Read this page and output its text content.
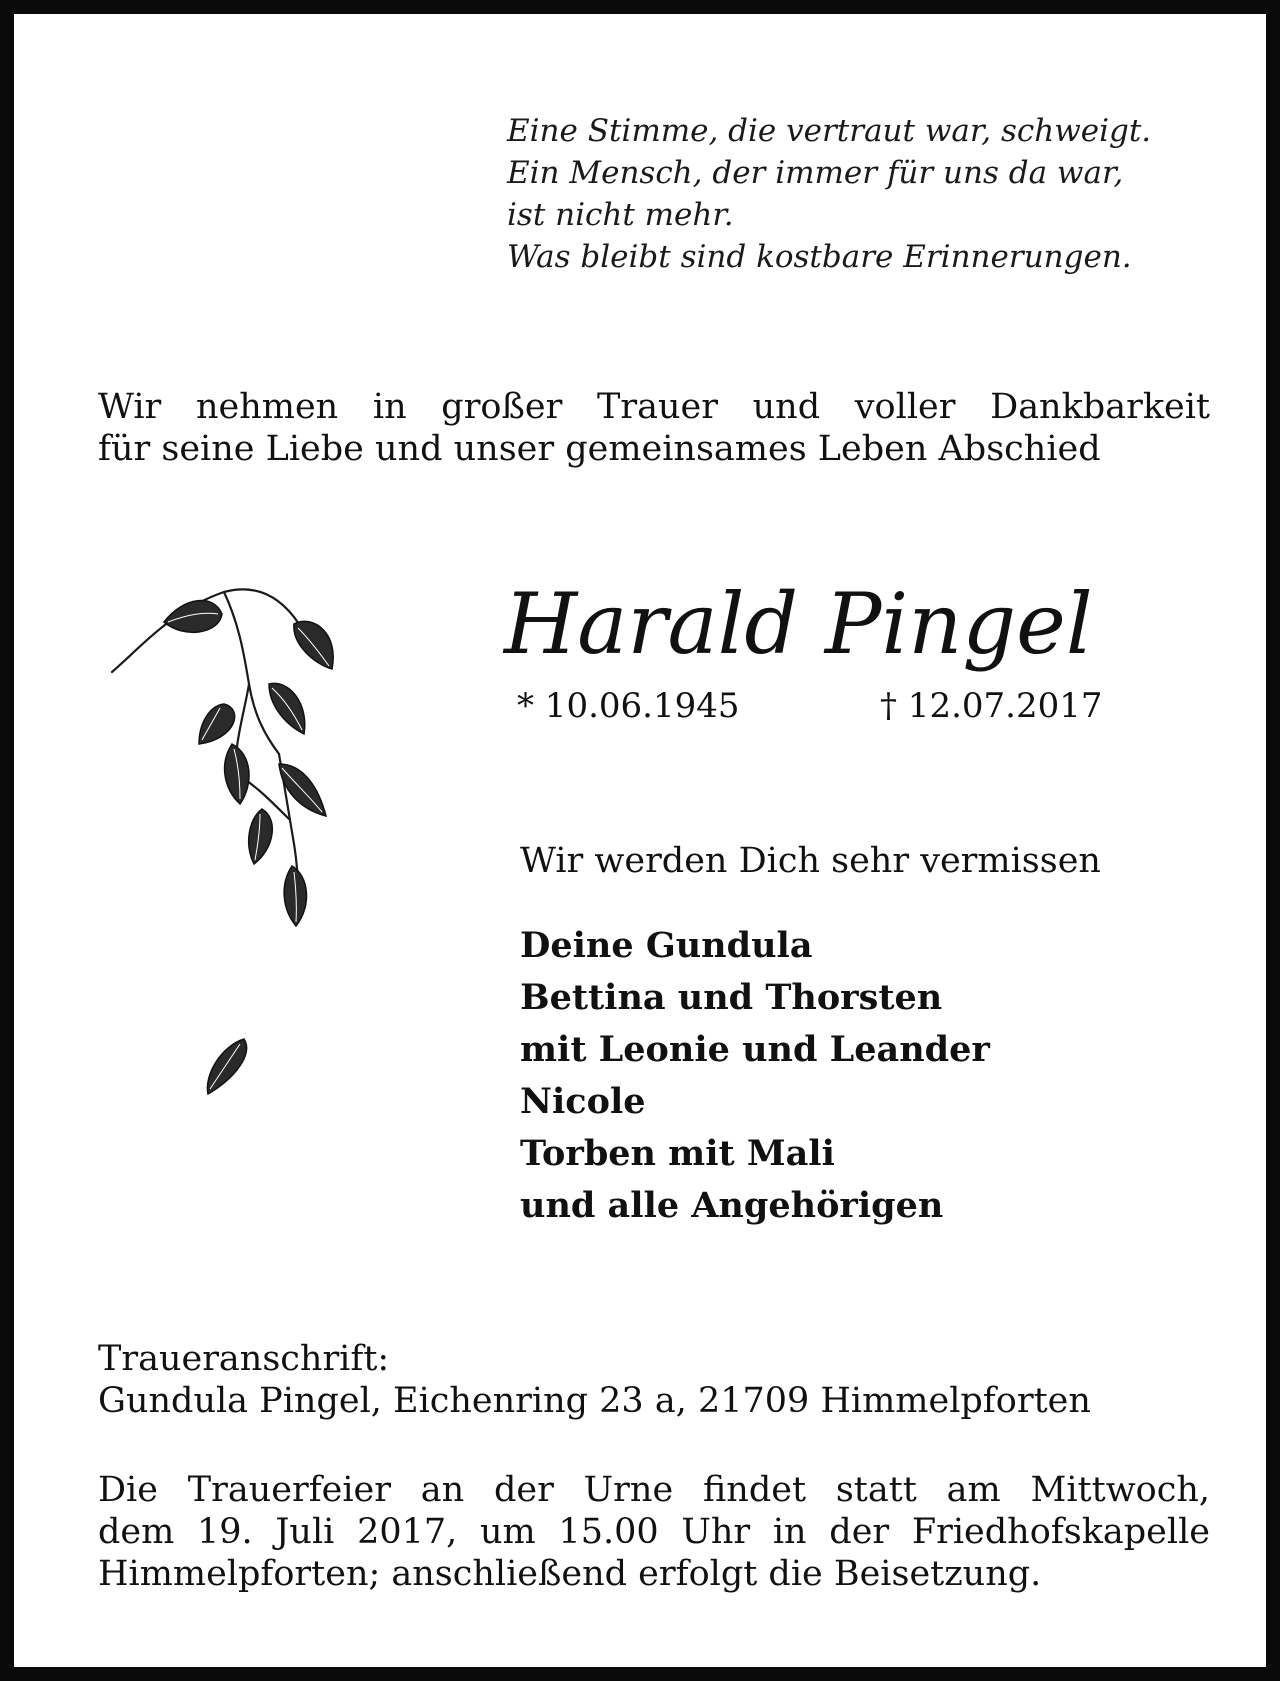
Eine Stimme, die vertraut war, schweigt.
Ein Mensch, der immer für uns da war,
ist nicht mehr.
Was bleibt sind kostbare Erinnerungen.
Wir nehmen in großer Trauer und voller Dankbarkeit
für seine Liebe und unser gemeinsames Leben Abschied
Harald Pingel
* 10.06.1945	† 12.07.2017
Wir werden Dich sehr vermissen
Deine Gundula
Bettina und Thorsten
mit Leonie und Leander
Nicole
Torben mit Mali
und alle Angehörigen
Traueranschrift:
Gundula Pingel, Eichenring 23 a, 21709 Himmelpforten
Die Trauerfeier an der Urne findet statt am Mittwoch,
dem 19. Juli 2017, um 15.00 Uhr in der Friedhofskapelle
Himmelpforten; anschließend erfolgt die Beisetzung.
